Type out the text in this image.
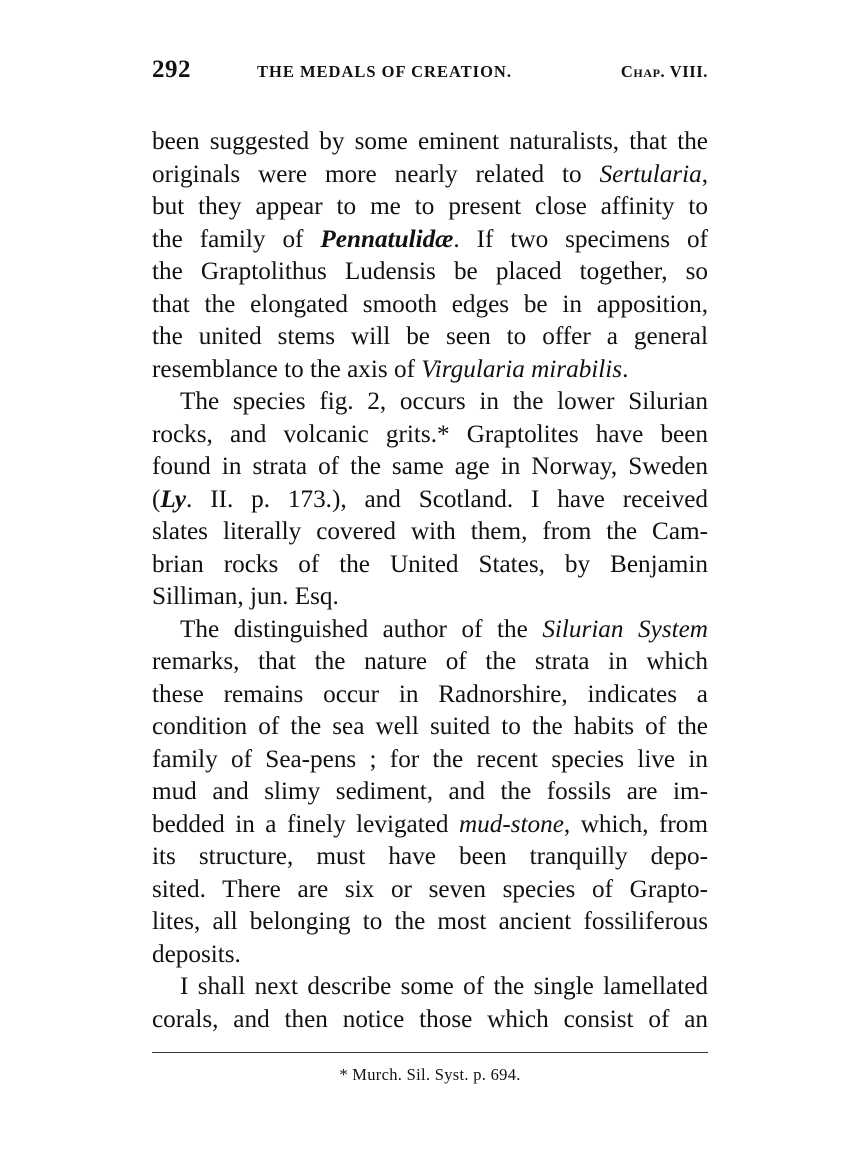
292	THE MEDALS OF CREATION.	Chap. VIII.
been suggested by some eminent naturalists, that the
originals were more nearly related to Sertularia,
but they appear to me to present close affinity to
the family of Pennatulidæ. If two specimens of
the Graptolithus Ludensis be placed together, so
that the elongated smooth edges be in apposition,
the united stems will be seen to offer a general
resemblance to the axis of Virgularia mirabilis.
The species fig. 2, occurs in the lower Silurian
rocks, and volcanic grits.* Graptolites have been
found in strata of the same age in Norway, Sweden
(Ly. II. p. 173.), and Scotland. I have received
slates literally covered with them, from the Cam-
brian rocks of the United States, by Benjamin
Silliman, jun. Esq.
The distinguished author of the Silurian System
remarks, that the nature of the strata in which
these remains occur in Radnorshire, indicates a
condition of the sea well suited to the habits of the
family of Sea-pens ; for the recent species live in
mud and slimy sediment, and the fossils are im-
bedded in a finely levigated mud-stone, which, from
its structure, must have been tranquilly depo-
sited. There are six or seven species of Grapto-
lites, all belonging to the most ancient fossiliferous
deposits.
I shall next describe some of the single lamellated
corals, and then notice those which consist of an
* Murch. Sil. Syst. p. 694.
